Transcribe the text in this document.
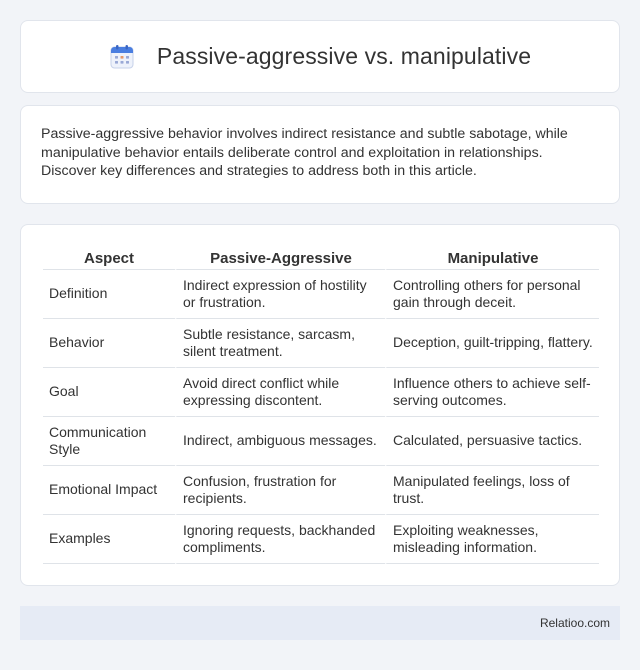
Passive-aggressive vs. manipulative

Passive-aggressive behavior involves indirect resistance and subtle sabotage, while manipulative behavior entails deliberate control and exploitation in relationships. Discover key differences and strategies to address both in this article.

Aspect	Passive-Aggressive	Manipulative
Definition	Indirect expression of hostility or frustration.	Controlling others for personal gain through deceit.
Behavior	Subtle resistance, sarcasm, silent treatment.	Deception, guilt-tripping, flattery.
Goal	Avoid direct conflict while expressing discontent.	Influence others to achieve self-serving outcomes.
Communication Style	Indirect, ambiguous messages.	Calculated, persuasive tactics.
Emotional Impact	Confusion, frustration for recipients.	Manipulated feelings, loss of trust.
Examples	Ignoring requests, backhanded compliments.	Exploiting weaknesses, misleading information.
Relatioo.com
